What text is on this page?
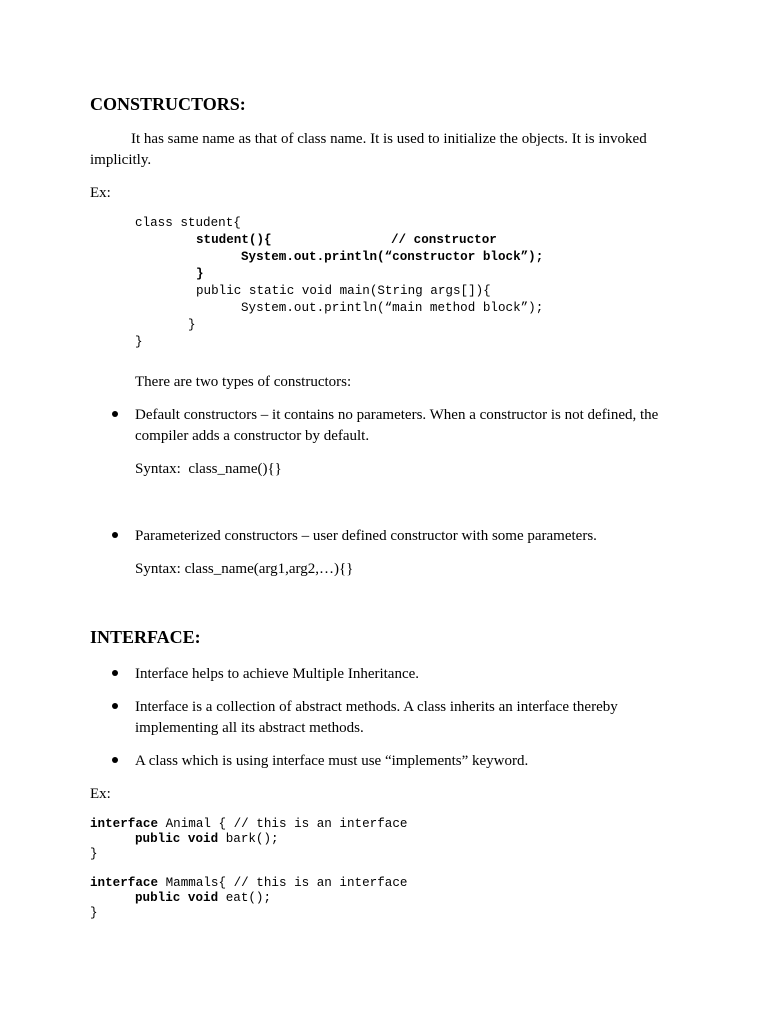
CONSTRUCTORS:
It has same name as that of class name. It is used to initialize the objects. It is invoked
implicitly.
Ex:
class student{
student(){	// constructor
System.out.println(“constructor block”);
}
public static void main(String args[]){
System.out.println(“main method block”);
}
}
There are two types of constructors:
Default constructors – it contains no parameters. When a constructor is not defined, the
compiler adds a constructor by default.
Syntax:  class_name(){}
Parameterized constructors – user defined constructor with some parameters.
Syntax: class_name(arg1,arg2,…){}
INTERFACE:
Interface helps to achieve Multiple Inheritance.
Interface is a collection of abstract methods. A class inherits an interface thereby
implementing all its abstract methods.
A class which is using interface must use “implements” keyword.
Ex:
interface Animal { // this is an interface
public void bark();
}
interface Mammals{ // this is an interface
public void eat();
}
